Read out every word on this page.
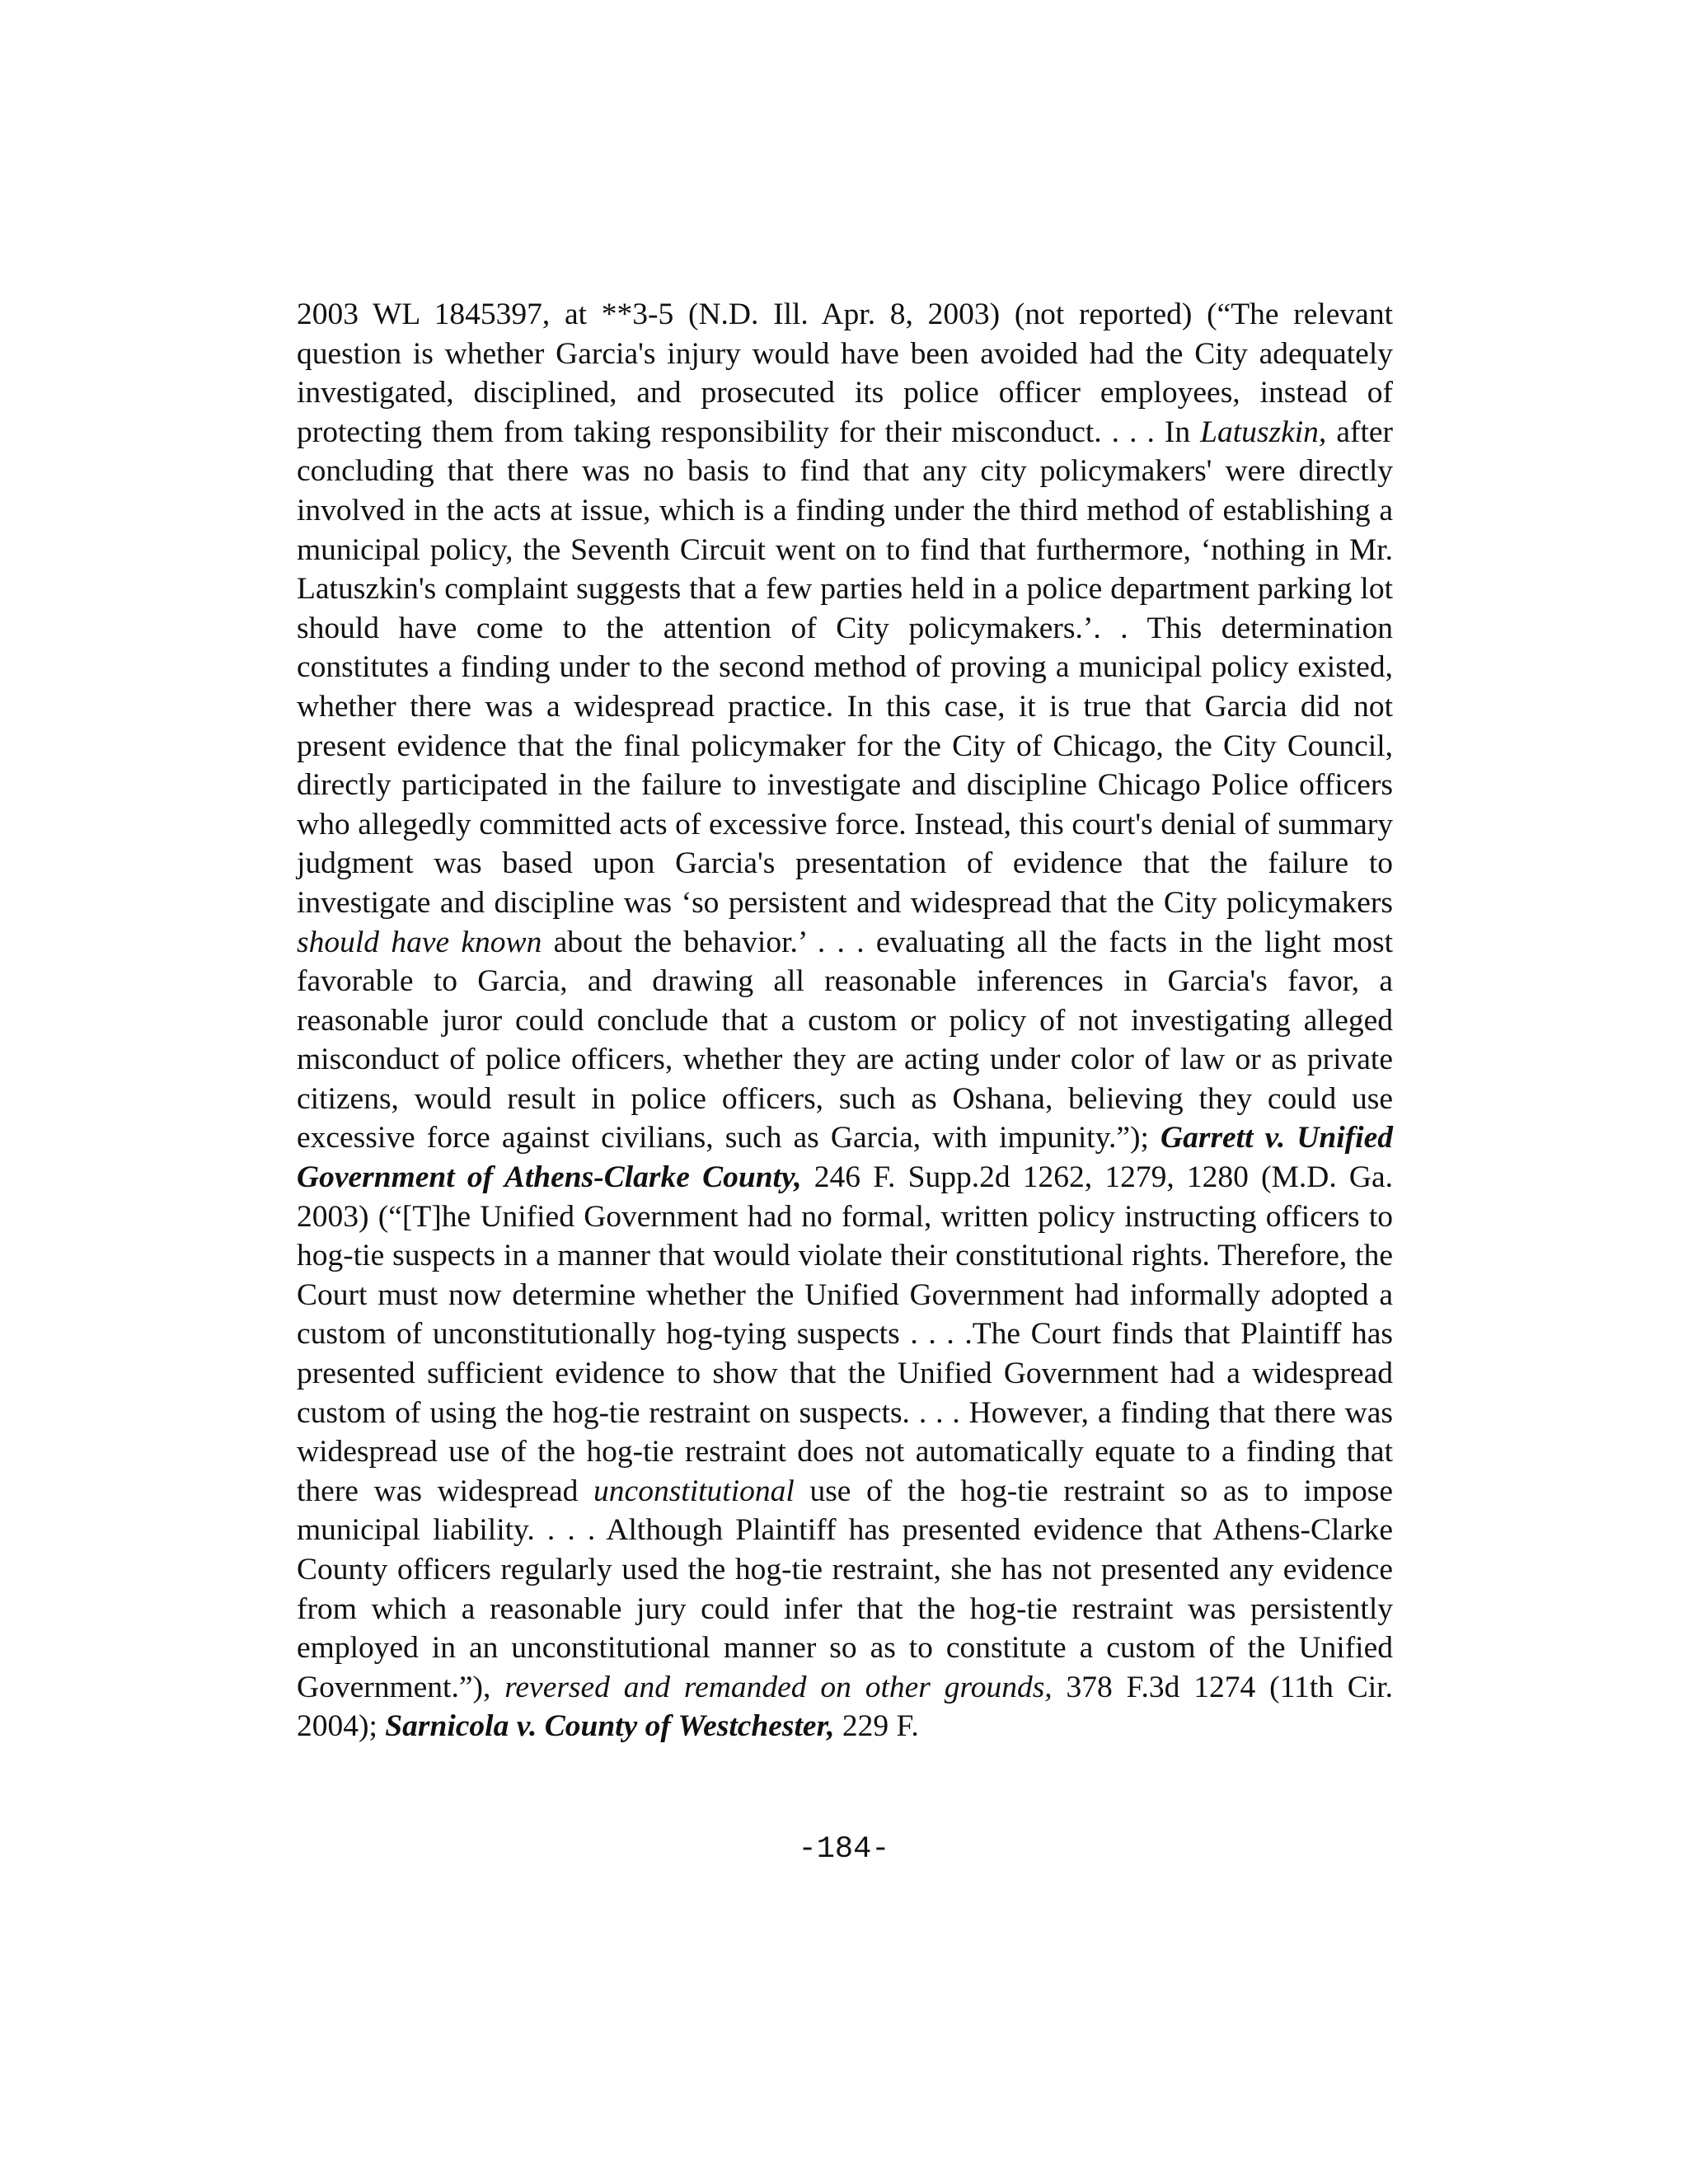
2003 WL 1845397, at **3-5 (N.D. Ill. Apr. 8, 2003) (not reported) (“The relevant question is whether Garcia's injury would have been avoided had the City adequately investigated, disciplined, and prosecuted its police officer employees, instead of protecting them from taking responsibility for their misconduct. . . . In Latuszkin, after concluding that there was no basis to find that any city policymakers' were directly involved in the acts at issue, which is a finding under the third method of establishing a municipal policy, the Seventh Circuit went on to find that furthermore, ‘nothing in Mr. Latuszkin's complaint suggests that a few parties held in a police department parking lot should have come to the attention of City policymakers.’. . This determination constitutes a finding under to the second method of proving a municipal policy existed, whether there was a widespread practice. In this case, it is true that Garcia did not present evidence that the final policymaker for the City of Chicago, the City Council, directly participated in the failure to investigate and discipline Chicago Police officers who allegedly committed acts of excessive force. Instead, this court's denial of summary judgment was based upon Garcia's presentation of evidence that the failure to investigate and discipline was ‘so persistent and widespread that the City policymakers should have known about the behavior.’ . . . evaluating all the facts in the light most favorable to Garcia, and drawing all reasonable inferences in Garcia's favor, a reasonable juror could conclude that a custom or policy of not investigating alleged misconduct of police officers, whether they are acting under color of law or as private citizens, would result in police officers, such as Oshana, believing they could use excessive force against civilians, such as Garcia, with impunity.”); Garrett v. Unified Government of Athens-Clarke County, 246 F. Supp.2d 1262, 1279, 1280 (M.D. Ga. 2003) (“[T]he Unified Government had no formal, written policy instructing officers to hog-tie suspects in a manner that would violate their constitutional rights. Therefore, the Court must now determine whether the Unified Government had informally adopted a custom of unconstitutionally hog-tying suspects . . . .The Court finds that Plaintiff has presented sufficient evidence to show that the Unified Government had a widespread custom of using the hog-tie restraint on suspects. . . . However, a finding that there was widespread use of the hog-tie restraint does not automatically equate to a finding that there was widespread unconstitutional use of the hog-tie restraint so as to impose municipal liability. . . . Although Plaintiff has presented evidence that Athens-Clarke County officers regularly used the hog-tie restraint, she has not presented any evidence from which a reasonable jury could infer that the hog-tie restraint was persistently employed in an unconstitutional manner so as to constitute a custom of the Unified Government.”), reversed and remanded on other grounds, 378 F.3d 1274 (11th Cir. 2004); Sarnicola v. County of Westchester, 229 F.

-184-
